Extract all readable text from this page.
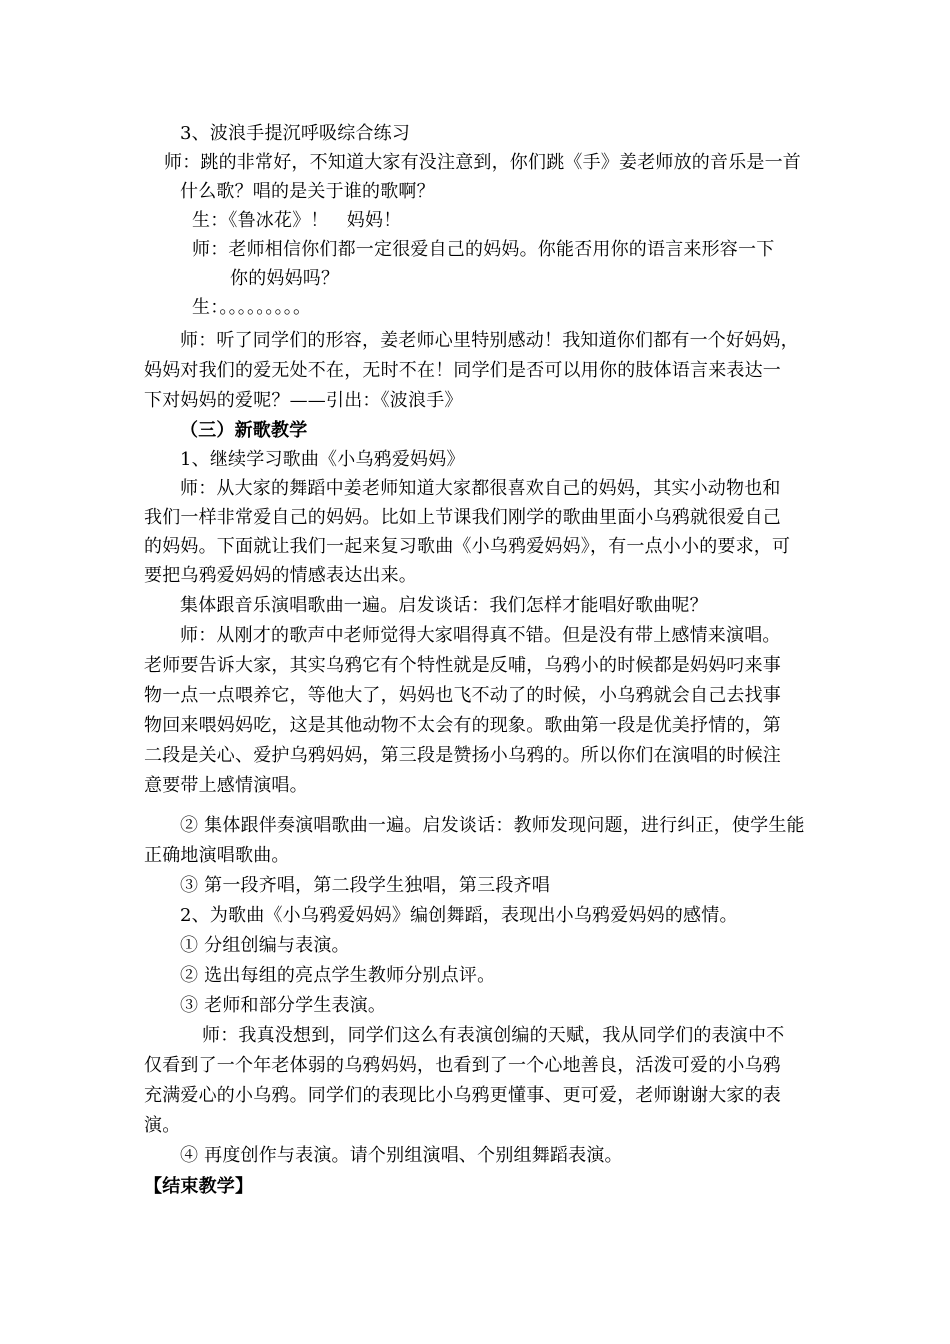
3、波浪手提沉呼吸综合练习
师：跳的非常好，不知道大家有没注意到，你们跳《手》姜老师放的音乐是一首
什么歌？唱的是关于谁的歌啊？
生：《鲁冰花》！　妈妈！
师：老师相信你们都一定很爱自己的妈妈。你能否用你的语言来形容一下
你的妈妈吗？
生：。。。。。。。。。
师：听了同学们的形容，姜老师心里特别感动！我知道你们都有一个好妈妈，
妈妈对我们的爱无处不在，无时不在！同学们是否可以用你的肢体语言来表达一
下对妈妈的爱呢？——引出：《波浪手》
（三）新歌教学
1、继续学习歌曲《小乌鸦爱妈妈》
师：从大家的舞蹈中姜老师知道大家都很喜欢自己的妈妈，其实小动物也和
我们一样非常爱自己的妈妈。比如上节课我们刚学的歌曲里面小乌鸦就很爱自己
的妈妈。下面就让我们一起来复习歌曲《小乌鸦爱妈妈》，有一点小小的要求，可
要把乌鸦爱妈妈的情感表达出来。
集体跟音乐演唱歌曲一遍。启发谈话：我们怎样才能唱好歌曲呢？
师：从刚才的歌声中老师觉得大家唱得真不错。但是没有带上感情来演唱。
老师要告诉大家，其实乌鸦它有个特性就是反哺，乌鸦小的时候都是妈妈叼来事
物一点一点喂养它，等他大了，妈妈也飞不动了的时候，小乌鸦就会自己去找事
物回来喂妈妈吃，这是其他动物不太会有的现象。歌曲第一段是优美抒情的，第
二段是关心、爱护乌鸦妈妈，第三段是赞扬小乌鸦的。所以你们在演唱的时候注
意要带上感情演唱。
② 集体跟伴奏演唱歌曲一遍。启发谈话：教师发现问题，进行纠正，使学生能
正确地演唱歌曲。
③ 第一段齐唱，第二段学生独唱，第三段齐唱
2、为歌曲《小乌鸦爱妈妈》编创舞蹈，表现出小乌鸦爱妈妈的感情。
① 分组创编与表演。
② 选出每组的亮点学生教师分别点评。
③ 老师和部分学生表演。
师：我真没想到，同学们这么有表演创编的天赋，我从同学们的表演中不
仅看到了一个年老体弱的乌鸦妈妈，也看到了一个心地善良，活泼可爱的小乌鸦
充满爱心的小乌鸦。同学们的表现比小乌鸦更懂事、更可爱，老师谢谢大家的表
演。
④ 再度创作与表演。请个别组演唱、个别组舞蹈表演。
【结束教学】
